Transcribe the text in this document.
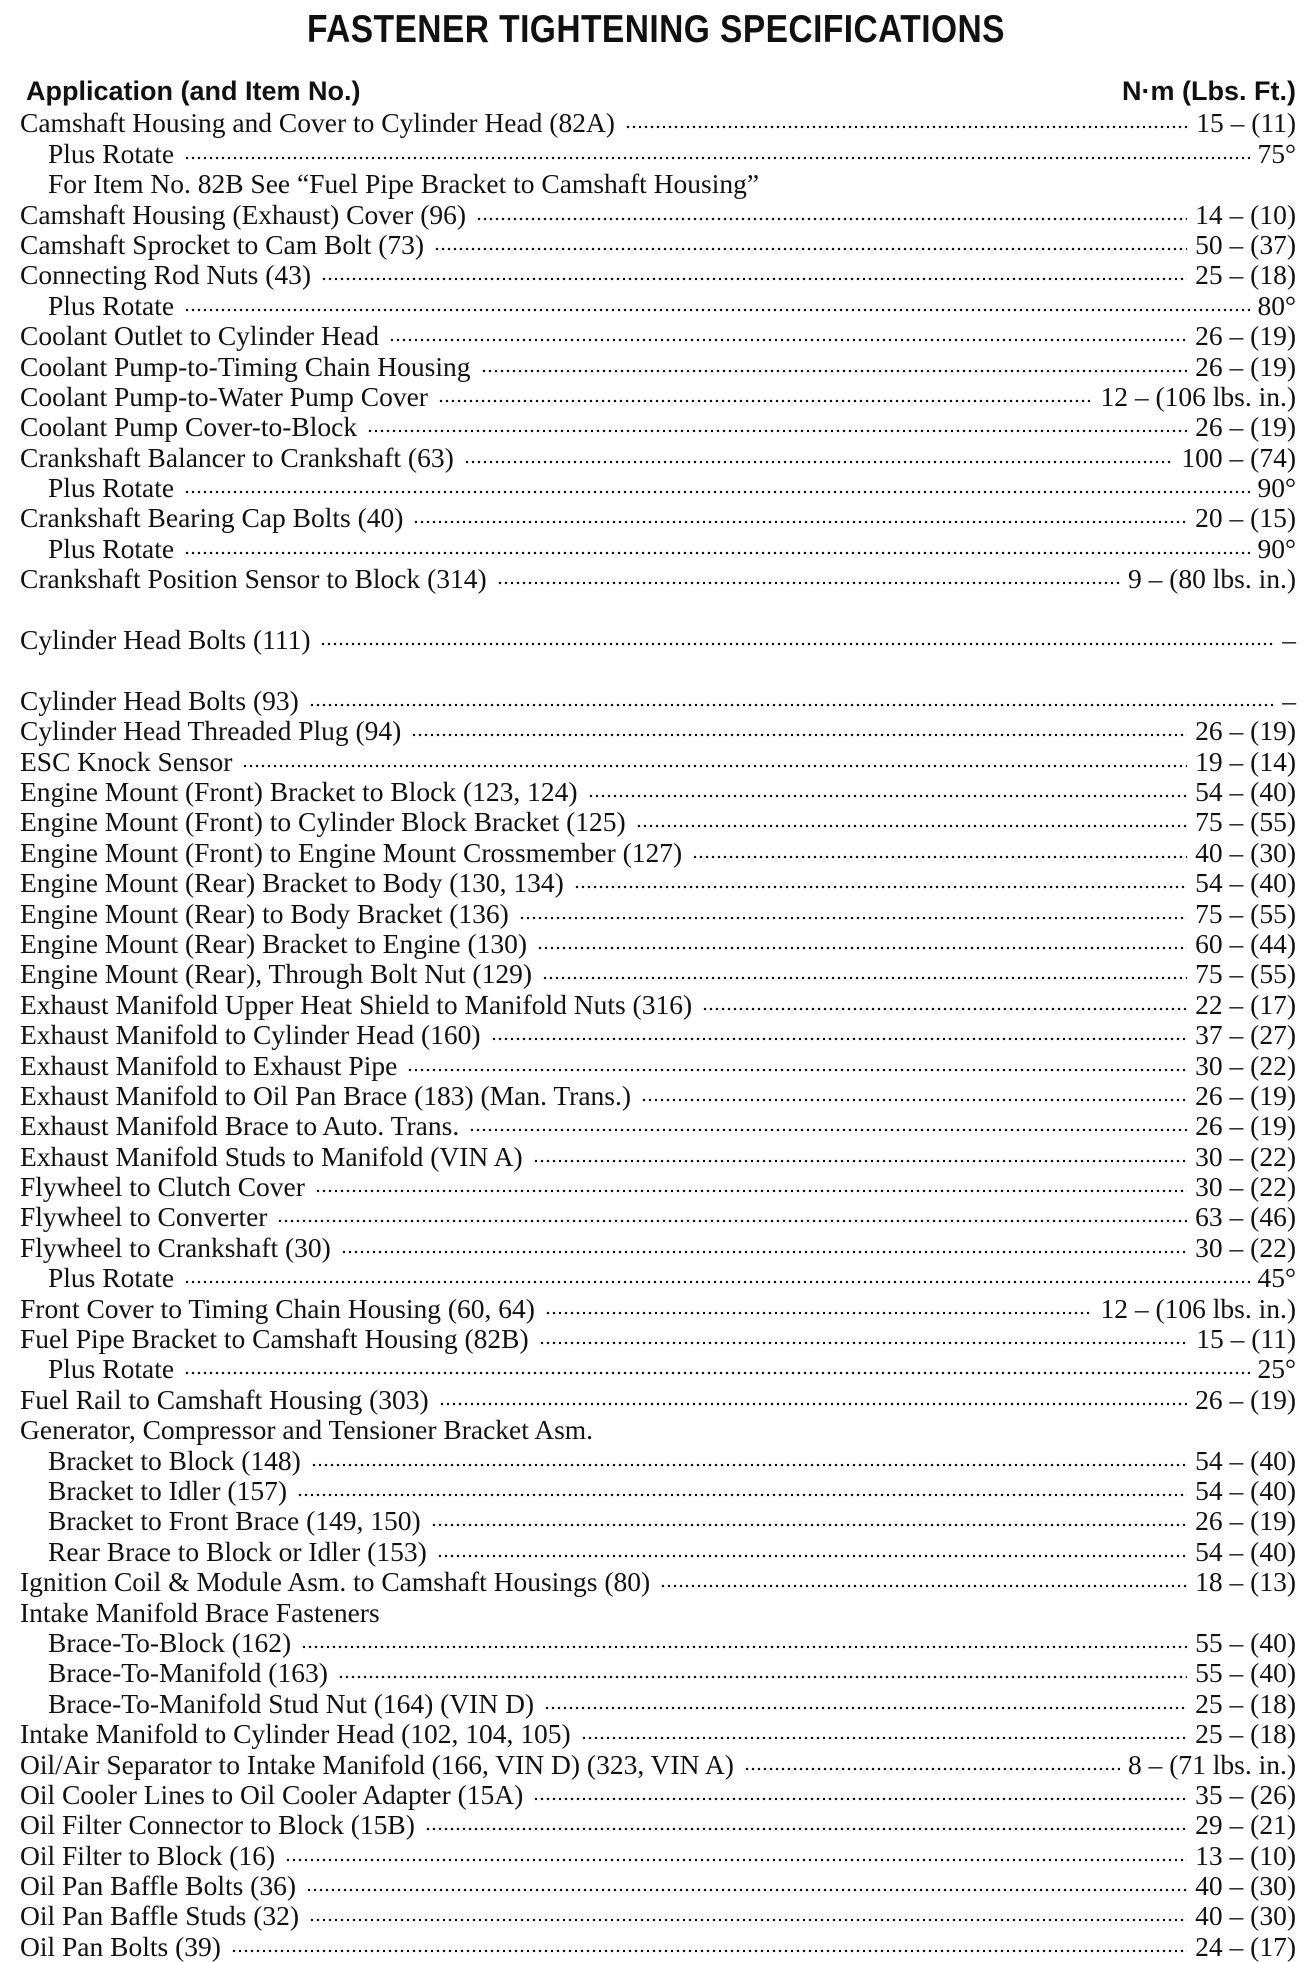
FASTENER TIGHTENING SPECIFICATIONS
Application (and Item No.)	N·m (Lbs. Ft.)
Camshaft Housing and Cover to Cylinder Head (82A)	15 – (11)
Plus Rotate	75°
For Item No. 82B See “Fuel Pipe Bracket to Camshaft Housing”
Camshaft Housing (Exhaust) Cover (96)	14 – (10)
Camshaft Sprocket to Cam Bolt (73)	50 – (37)
Connecting Rod Nuts (43)	25 – (18)
Plus Rotate	80°
Coolant Outlet to Cylinder Head	26 – (19)
Coolant Pump-to-Timing Chain Housing	26 – (19)
Coolant Pump-to-Water Pump Cover	12 – (106 lbs. in.)
Coolant Pump Cover-to-Block	26 – (19)
Crankshaft Balancer to Crankshaft (63)	100 – (74)
Plus Rotate	90°
Crankshaft Bearing Cap Bolts (40)	20 – (15)
Plus Rotate	90°
Crankshaft Position Sensor to Block (314)	9 – (80 lbs. in.)
Cylinder Head Bolts (111)	–
Cylinder Head Bolts (93)	–
Cylinder Head Threaded Plug (94)	26 – (19)
ESC Knock Sensor	19 – (14)
Engine Mount (Front) Bracket to Block (123, 124)	54 – (40)
Engine Mount (Front) to Cylinder Block Bracket (125)	75 – (55)
Engine Mount (Front) to Engine Mount Crossmember (127)	40 – (30)
Engine Mount (Rear) Bracket to Body (130, 134)	54 – (40)
Engine Mount (Rear) to Body Bracket (136)	75 – (55)
Engine Mount (Rear) Bracket to Engine (130)	60 – (44)
Engine Mount (Rear), Through Bolt Nut (129)	75 – (55)
Exhaust Manifold Upper Heat Shield to Manifold Nuts (316)	22 – (17)
Exhaust Manifold to Cylinder Head (160)	37 – (27)
Exhaust Manifold to Exhaust Pipe	30 – (22)
Exhaust Manifold to Oil Pan Brace (183) (Man. Trans.)	26 – (19)
Exhaust Manifold Brace to Auto. Trans.	26 – (19)
Exhaust Manifold Studs to Manifold (VIN A)	30 – (22)
Flywheel to Clutch Cover	30 – (22)
Flywheel to Converter	63 – (46)
Flywheel to Crankshaft (30)	30 – (22)
Plus Rotate	45°
Front Cover to Timing Chain Housing (60, 64)	12 – (106 lbs. in.)
Fuel Pipe Bracket to Camshaft Housing (82B)	15 – (11)
Plus Rotate	25°
Fuel Rail to Camshaft Housing (303)	26 – (19)
Generator, Compressor and Tensioner Bracket Asm.
Bracket to Block (148)	54 – (40)
Bracket to Idler (157)	54 – (40)
Bracket to Front Brace (149, 150)	26 – (19)
Rear Brace to Block or Idler (153)	54 – (40)
Ignition Coil & Module Asm. to Camshaft Housings (80)	18 – (13)
Intake Manifold Brace Fasteners
Brace-To-Block (162)	55 – (40)
Brace-To-Manifold (163)	55 – (40)
Brace-To-Manifold Stud Nut (164) (VIN D)	25 – (18)
Intake Manifold to Cylinder Head (102, 104, 105)	25 – (18)
Oil/Air Separator to Intake Manifold (166, VIN D) (323, VIN A)	8 – (71 lbs. in.)
Oil Cooler Lines to Oil Cooler Adapter (15A)	35 – (26)
Oil Filter Connector to Block (15B)	29 – (21)
Oil Filter to Block (16)	13 – (10)
Oil Pan Baffle Bolts (36)	40 – (30)
Oil Pan Baffle Studs (32)	40 – (30)
Oil Pan Bolts (39)	24 – (17)
